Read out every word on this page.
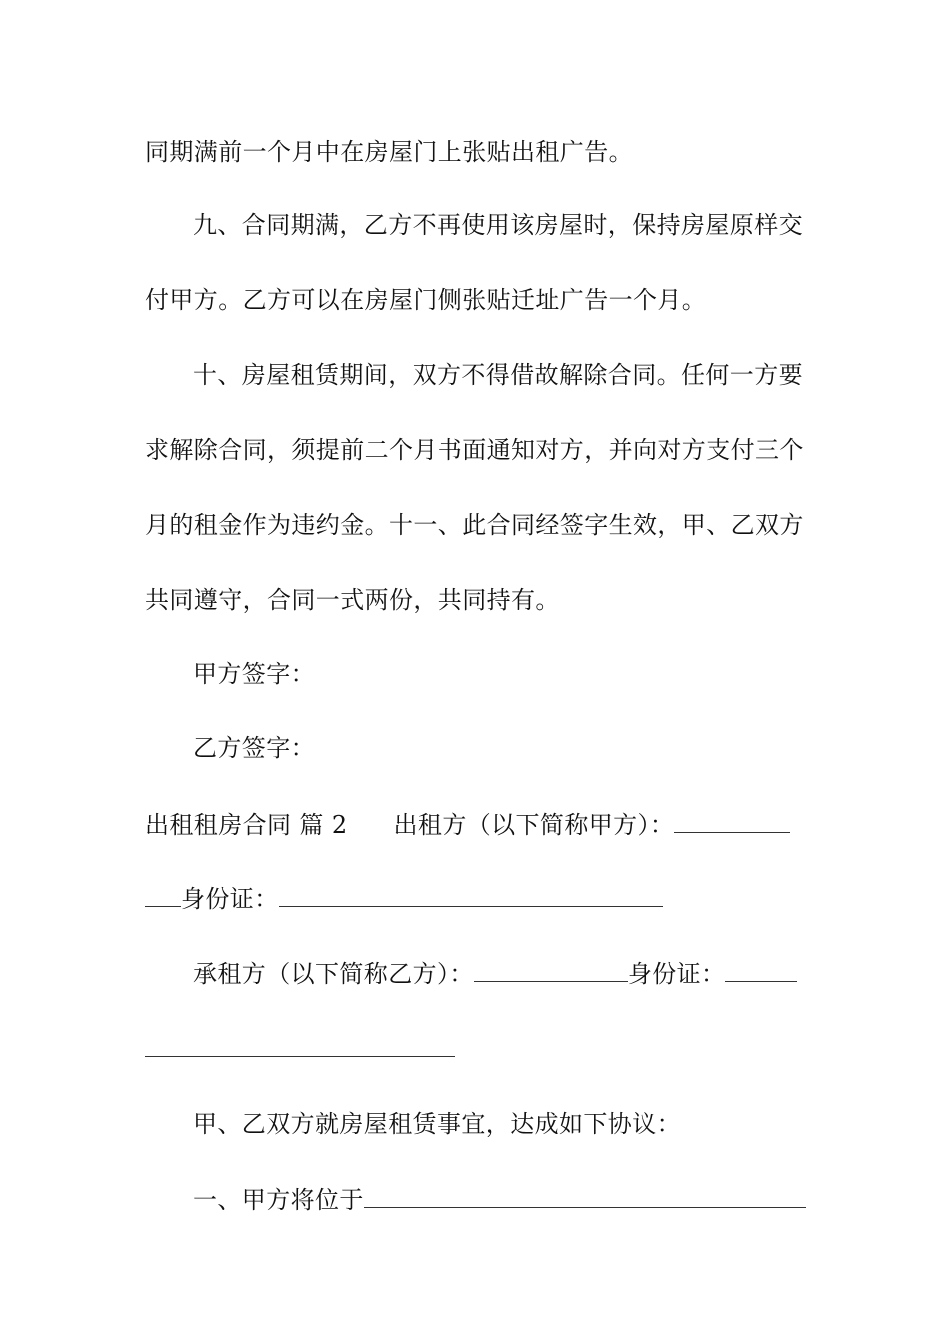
同期满前一个月中在房屋门上张贴出租广告。
九、合同期满，乙方不再使用该房屋时，保持房屋原样交
付甲方。乙方可以在房屋门侧张贴迁址广告一个月。
十、房屋租赁期间，双方不得借故解除合同。任何一方要
求解除合同，须提前二个月书面通知对方，并向对方支付三个
月的租金作为违约金。十一、此合同经签字生效，甲、乙双方
共同遵守，合同一式两份，共同持有。
甲方签字：
乙方签字：
出租租房合同 篇 2 出租方（以下简称甲方）：
身份证：
承租方（以下简称乙方）：	身份证：
甲、乙双方就房屋租赁事宜，达成如下协议：
一、甲方将位于
